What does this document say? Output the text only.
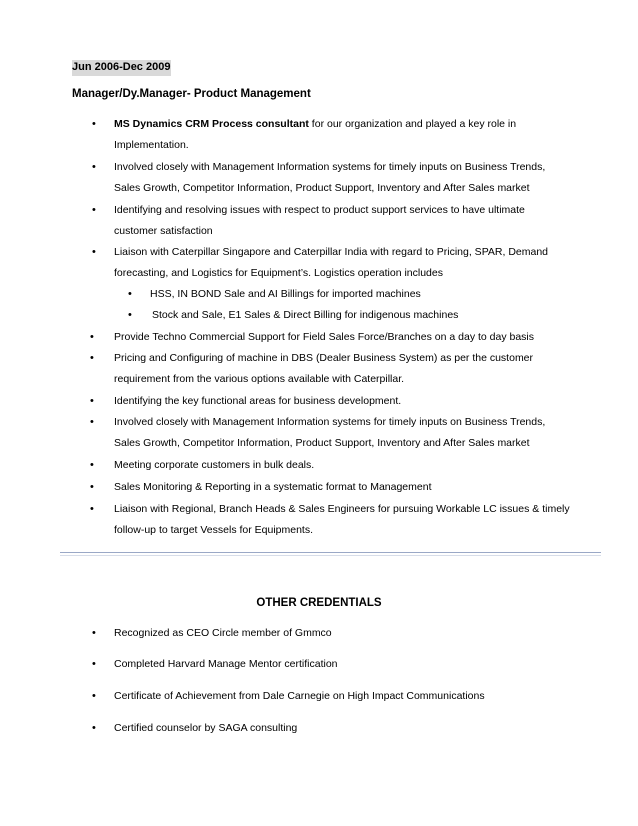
Jun 2006-Dec 2009
Manager/Dy.Manager- Product Management
• MS Dynamics CRM Process consultant for our organization and played a key role in
Implementation.
• Involved closely with Management Information systems for timely inputs on Business Trends,
Sales Growth, Competitor Information, Product Support, Inventory and After Sales market
• Identifying and resolving issues with respect to product support services to have ultimate
customer satisfaction
• Liaison with Caterpillar Singapore and Caterpillar India with regard to Pricing, SPAR, Demand
forecasting, and Logistics for Equipment’s. Logistics operation includes
• HSS, IN BOND Sale and AI Billings for imported machines
• Stock and Sale, E1 Sales & Direct Billing for indigenous machines
• Provide Techno Commercial Support for Field Sales Force/Branches on a day to day basis
• Pricing and Configuring of machine in DBS (Dealer Business System) as per the customer
requirement from the various options available with Caterpillar.
• Identifying the key functional areas for business development.
• Involved closely with Management Information systems for timely inputs on Business Trends,
Sales Growth, Competitor Information, Product Support, Inventory and After Sales market
• Meeting corporate customers in bulk deals.
• Sales Monitoring & Reporting in a systematic format to Management
• Liaison with Regional, Branch Heads & Sales Engineers for pursuing Workable LC issues & timely
follow-up to target Vessels for Equipments.
OTHER CREDENTIALS
• Recognized as CEO Circle member of Gmmco
• Completed Harvard Manage Mentor certification
• Certificate of Achievement from Dale Carnegie on High Impact Communications
• Certified counselor by SAGA consulting
